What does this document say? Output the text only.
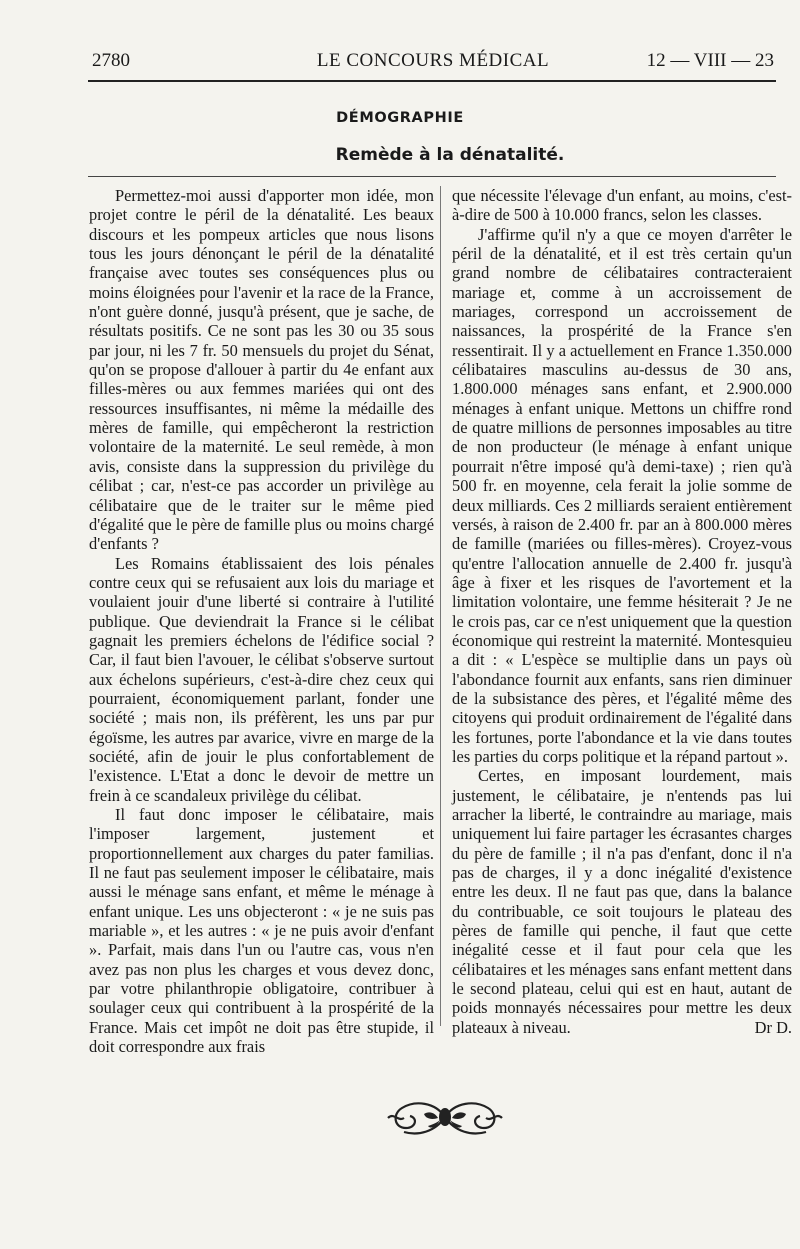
2780	LE CONCOURS MÉDICAL	12 — VIII — 23
DÉMOGRAPHIE
Remède à la dénatalité.

Permettez-moi aussi d'apporter mon idée, mon projet contre le péril de la dénatalité. Les beaux discours et les pompeux articles que nous lisons tous les jours dénonçant le péril de la dénatalité française avec toutes ses conséquences plus ou moins éloignées pour l'avenir et la race de la France, n'ont guère donné, jusqu'à présent, que je sache, de résultats positifs. Ce ne sont pas les 30 ou 35 sous par jour, ni les 7 fr. 50 mensuels du projet du Sénat, qu'on se propose d'allouer à partir du 4e enfant aux filles-mères ou aux femmes mariées qui ont des ressources insuffisantes, ni même la médaille des mères de famille, qui empêcheront la restriction volontaire de la maternité. Le seul remède, à mon avis, consiste dans la suppression du privilège du célibat ; car, n'est-ce pas accorder un privilège au célibataire que de le traiter sur le même pied d'égalité que le père de famille plus ou moins chargé d'enfants ?

Les Romains établissaient des lois pénales contre ceux qui se refusaient aux lois du mariage et voulaient jouir d'une liberté si contraire à l'utilité publique. Que deviendrait la France si le célibat gagnait les premiers échelons de l'édifice social ? Car, il faut bien l'avouer, le célibat s'observe surtout aux échelons supérieurs, c'est-à-dire chez ceux qui pourraient, économiquement parlant, fonder une société ; mais non, ils préfèrent, les uns par pur égoïsme, les autres par avarice, vivre en marge de la société, afin de jouir le plus confortablement de l'existence. L'Etat a donc le devoir de mettre un frein à ce scandaleux privilège du célibat.

Il faut donc imposer le célibataire, mais l'imposer largement, justement et proportionnellement aux charges du pater familias. Il ne faut pas seulement imposer le célibataire, mais aussi le ménage sans enfant, et même le ménage à enfant unique. Les uns objecteront : « je ne suis pas mariable », et les autres : « je ne puis avoir d'enfant ». Parfait, mais dans l'un ou l'autre cas, vous n'en avez pas non plus les charges et vous devez donc, par votre philanthropie obligatoire, contribuer à soulager ceux qui contribuent à la prospérité de la France. Mais cet impôt ne doit pas être stupide, il doit correspondre aux frais

que nécessite l'élevage d'un enfant, au moins, c'est-à-dire de 500 à 10.000 francs, selon les classes.

J'affirme qu'il n'y a que ce moyen d'arrêter le péril de la dénatalité, et il est très certain qu'un grand nombre de célibataires contracteraient mariage et, comme à un accroissement de mariages, correspond un accroissement de naissances, la prospérité de la France s'en ressentirait. Il y a actuellement en France 1.350.000 célibataires masculins au-dessus de 30 ans, 1.800.000 ménages sans enfant, et 2.900.000 ménages à enfant unique. Mettons un chiffre rond de quatre millions de personnes imposables au titre de non producteur (le ménage à enfant unique pourrait n'être imposé qu'à demi-taxe) ; rien qu'à 500 fr. en moyenne, cela ferait la jolie somme de deux milliards. Ces 2 milliards seraient entièrement versés, à raison de 2.400 fr. par an à 800.000 mères de famille (mariées ou filles-mères). Croyez-vous qu'entre l'allocation annuelle de 2.400 fr. jusqu'à âge à fixer et les risques de l'avortement et la limitation volontaire, une femme hésiterait ? Je ne le crois pas, car ce n'est uniquement que la question économique qui restreint la maternité. Montesquieu a dit : « L'espèce se multiplie dans un pays où l'abondance fournit aux enfants, sans rien diminuer de la subsistance des pères, et l'égalité même des citoyens qui produit ordinairement de l'égalité dans les fortunes, porte l'abondance et la vie dans toutes les parties du corps politique et la répand partout ».

Certes, en imposant lourdement, mais justement, le célibataire, je n'entends pas lui arracher la liberté, le contraindre au mariage, mais uniquement lui faire partager les écrasantes charges du père de famille ; il n'a pas d'enfant, donc il n'a pas de charges, il y a donc inégalité d'existence entre les deux. Il ne faut pas que, dans la balance du contribuable, ce soit toujours le plateau des pères de famille qui penche, il faut que cette inégalité cesse et il faut pour cela que les célibataires et les ménages sans enfant mettent dans le second plateau, celui qui est en haut, autant de poids monnayés nécessaires pour mettre les deux plateaux à niveau.	Dr D.
